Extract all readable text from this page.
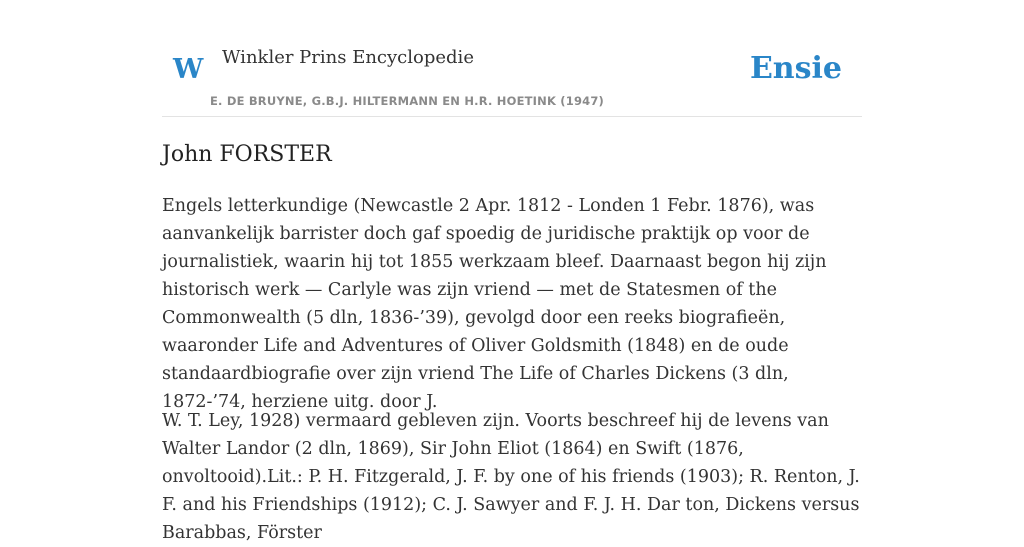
W Winkler Prins Encyclopedie
E. DE BRUYNE, G.B.J. HILTERMANN EN H.R. HOETINK (1947)
Ensie
John FORSTER

Engels letterkundige (Newcastle 2 Apr. 1812 - Londen 1 Febr. 1876), was aanvankelijk barrister doch gaf spoedig de juridische praktijk op voor de journalistiek, waarin hij tot 1855 werkzaam bleef. Daarnaast begon hij zijn historisch werk — Carlyle was zijn vriend — met de Statesmen of the Commonwealth (5 dln, 1836-’39), gevolgd door een reeks biografieën, waaronder Life and Adventures of Oliver Goldsmith (1848) en de oude standaardbiografie over zijn vriend The Life of Charles Dickens (3 dln, 1872-’74, herziene uitg. door J.

W. T. Ley, 1928) vermaard gebleven zijn. Voorts beschreef hij de levens van Walter Landor (2 dln, 1869), Sir John Eliot (1864) en Swift (1876, onvoltooid).Lit.: P. H. Fitzgerald, J. F. by one of his friends (1903); R. Renton, J. F. and his Friendships (1912); C. J. Sawyer and F. J. H. Dar ton, Dickens versus Barabbas, Förster
